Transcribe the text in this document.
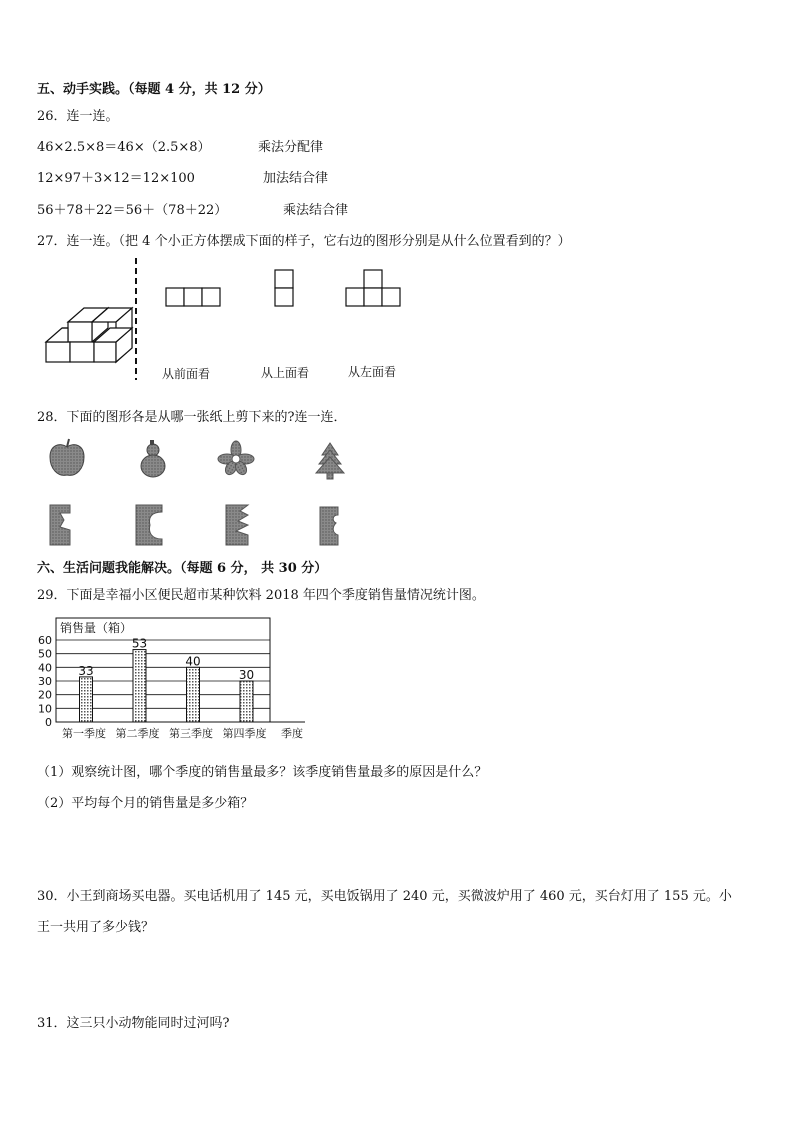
五、动手实践。（每题 4 分，共 12 分）
26．连一连。
46×2.5×8＝46×（2.5×8）
12×97＋3×12＝12×100
56＋78＋22＝56＋（78＋22）
乘法分配律
加法结合律
乘法结合律
27．连一连。（把 4 个小正方体摆成下面的样子，它右边的图形分别是从什么位置看到的？）
从前面看	从上面看	从左面看
28．下面的图形各是从哪一张纸上剪下来的?连一连．
六、生活问题我能解决。（每题 6 分， 共 30 分）
29．下面是幸福小区便民超市某种饮料 2018 年四个季度销售量情况统计图。
销售量（箱）
0
10
20
30
40
50
60
33
53
40
30
第一季度 第二季度 第三季度 第四季度 季度
（1）观察统计图，哪个季度的销售量最多？该季度销售量最多的原因是什么？
（2）平均每个月的销售量是多少箱？
30．小王到商场买电器。买电话机用了 145 元，买电饭锅用了 240 元，买微波炉用了 460 元，买台灯用了 155 元。小
王一共用了多少钱？
31．这三只小动物能同时过河吗?
